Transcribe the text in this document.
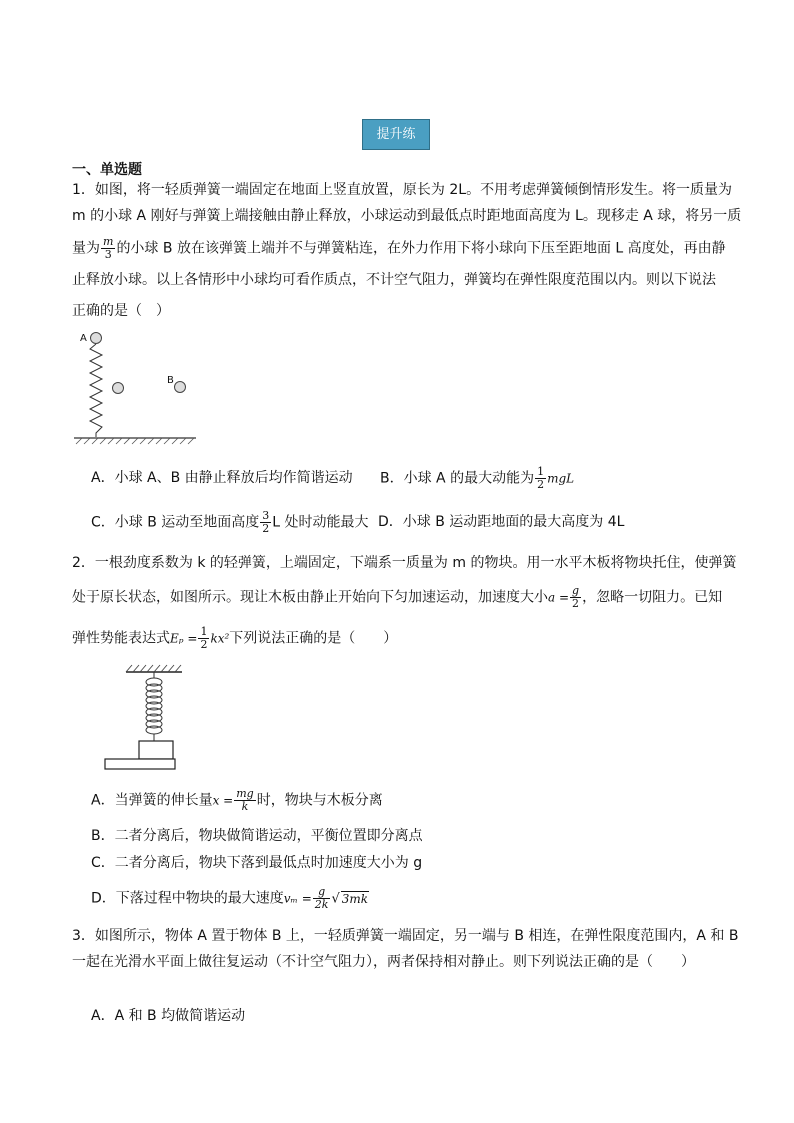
提升练
一、单选题
1．如图，将一轻质弹簧一端固定在地面上竖直放置，原长为 2L。不用考虑弹簧倾倒情形发生。将一质量为
m 的小球 A 刚好与弹簧上端接触由静止释放，小球运动到最低点时距地面高度为 L。现移走 A 球，将另一质
量为 $\frac{m}{3}$ 的小球 B 放在该弹簧上端并不与弹簧粘连，在外力作用下将小球向下压至距地面 L 高度处，再由静
止释放小球。以上各情形中小球均可看作质点，不计空气阻力，弹簧均在弹性限度范围以内。则以下说法
正确的是（　）
A
B
A．小球 A、B 由静止释放后均作简谐运动 B．小球 A 的最大动能为 $\frac{1}{2}$ mgL
C．小球 B 运动至地面高度 $\frac{3}{2}$ L 处时动能最大 D．小球 B 运动距地面的最大高度为 4L
2．一根劲度系数为 k 的轻弹簧，上端固定，下端系一质量为 m 的物块。用一水平木板将物块托住，使弹簧
处于原长状态，如图所示。现让木板由静止开始向下匀加速运动，加速度大小$a = \frac{g}{2}$ ，忽略一切阻力。已知
弹性势能表达式$E_p = \frac{1}{2} kx^2$下列说法正确的是（　　）
A．当弹簧的伸长量$x = \frac{mg}{k}$ 时，物块与木板分离
B．二者分离后，物块做简谐运动，平衡位置即分离点
C．二者分离后，物块下落到最低点时加速度大小为 g
D．下落过程中物块的最大速度$v_m = \frac{g}{2k}$ √ 3mk
3．如图所示，物体 A 置于物体 B 上，一轻质弹簧一端固定，另一端与 B 相连，在弹性限度范围内，A 和 B
一起在光滑水平面上做往复运动（不计空气阻力），两者保持相对静止。则下列说法正确的是（　　）
A．A 和 B 均做简谐运动
